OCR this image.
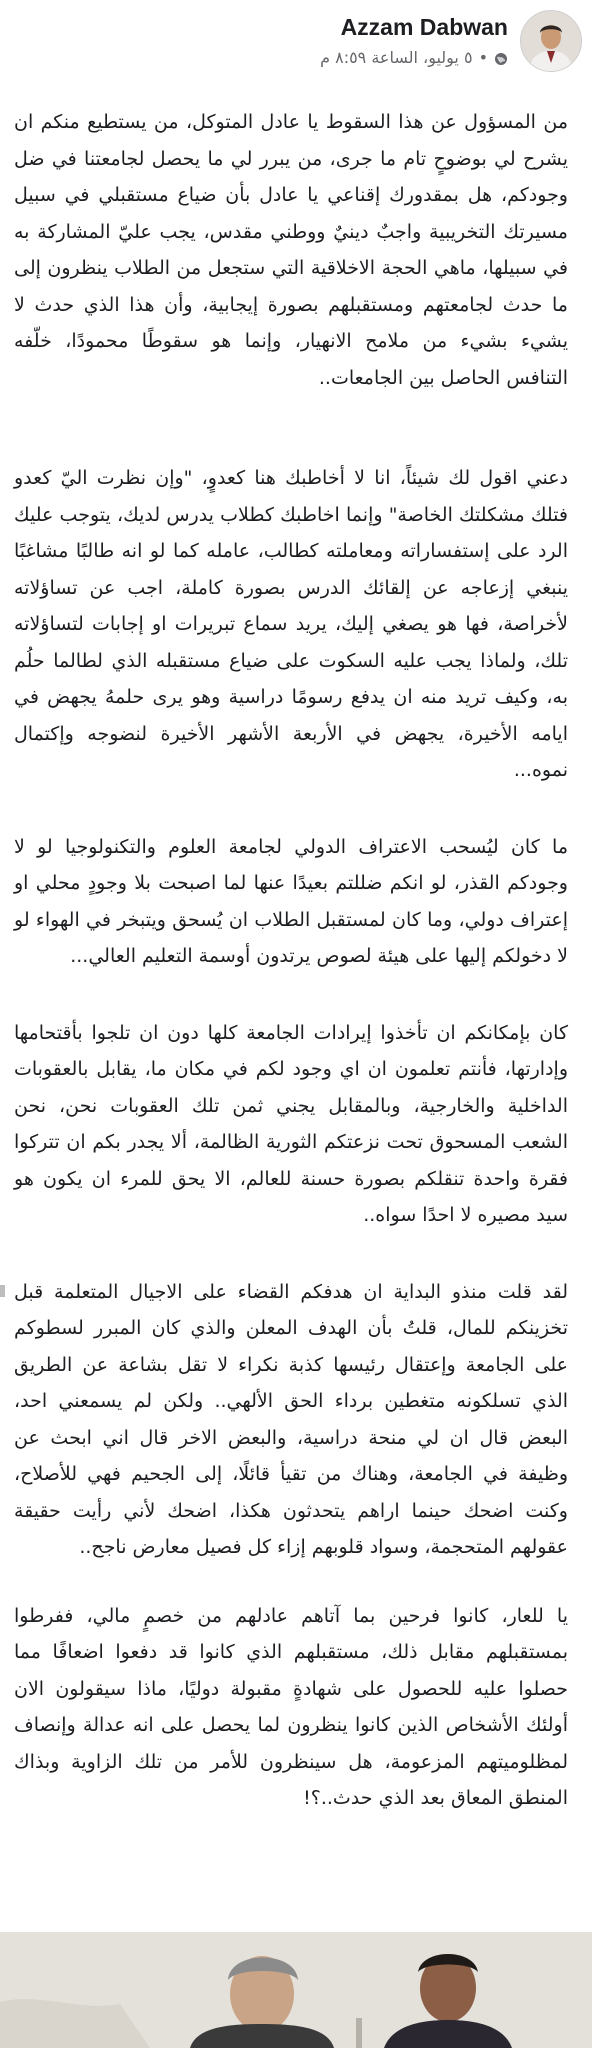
Azzam Dabwan
•
٥ يوليو، الساعة ٨:٥٩ م

من المسؤول عن هذا السقوط يا عادل المتوكل، من يستطيع منكم ان يشرح لي بوضوحٍ تام ما جرى، من يبرر لي ما يحصل لجامعتنا في ضل وجودكم، هل بمقدورك إقناعي يا عادل بأن ضياع مستقبلي في سبيل مسيرتك التخريبية واجبٌ دينيٌ ووطني مقدس، يجب عليّ المشاركة به في سبيلها، ماهي الحجة الاخلاقية التي ستجعل من الطلاب ينظرون إلى ما حدث لجامعتهم ومستقبلهم بصورة إيجابية، وأن هذا الذي حدث لا يشيء بشيء من ملامح الانهيار، وإنما هو سقوطًا محمودًا، خلّفه التنافس الحاصل بين الجامعات..

دعني اقول لك شيئاً، انا لا أخاطبك هنا كعدوٍ، "وإن نظرت اليّ كعدو فتلك مشكلتك الخاصة" وإنما اخاطبك كطلاب يدرس لديك، يتوجب عليك الرد على إستفساراته ومعاملته كطالب، عامله كما لو انه طالبًا مشاغبًا ينبغي إزعاجه عن إلقائك الدرس بصورة كاملة، اجب عن تساؤلاته لأخراصة، فها هو يصغي إليك، يريد سماع تبريرات او إجابات لتساؤلاته تلك، ولماذا يجب عليه السكوت على ضياع مستقبله الذي لطالما حلُم به، وكيف تريد منه ان يدفع رسومًا دراسية وهو يرى حلمهُ يجهض في ايامه الأخيرة، يجهض في الأربعة الأشهر الأخيرة لنضوجه وإكتمال نموه...

ما كان ليُسحب الاعتراف الدولي لجامعة العلوم والتكنولوجيا لو لا وجودكم القذر، لو انكم ضللتم بعيدًا عنها لما اصبحت بلا وجودٍ محلي او إعتراف دولي، وما كان لمستقبل الطلاب ان يُسحق ويتبخر في الهواء لو لا دخولكم إليها على هيئة لصوص يرتدون أوسمة التعليم العالي...

كان بإمكانكم ان تأخذوا إيرادات الجامعة كلها دون ان تلجوا بأقتحامها وإدارتها، فأنتم تعلمون ان اي وجود لكم في مكان ما، يقابل بالعقوبات الداخلية والخارجية، وبالمقابل يجني ثمن تلك العقوبات نحن، نحن الشعب المسحوق تحت نزعتكم الثورية الظالمة، ألا يجدر بكم ان تتركوا فقرة واحدة تنقلكم بصورة حسنة للعالم، الا يحق للمرء ان يكون هو سيد مصيره لا احدًا سواه..

لقد قلت منذو البداية ان هدفكم القضاء على الاجيال المتعلمة قبل تخزينكم للمال، قلتُ بأن الهدف المعلن والذي كان المبرر لسطوكم على الجامعة وإعتقال رئيسها كذبة نكراء لا تقل بشاعة عن الطريق الذي تسلكونه متغطين برداء الحق الألهي.. ولكن لم يسمعني احد، البعض قال ان لي منحة دراسية، والبعض الاخر قال اني ابحث عن وظيفة في الجامعة، وهناك من تقيأ قائلًا، إلى الجحيم فهي للأصلاح، وكنت اضحك حينما اراهم يتحدثون هكذا، اضحك لأني رأيت حقيقة عقولهم المتحجمة، وسواد قلوبهم إزاء كل فصيل معارض ناجح..

يا للعار، كانوا فرحين بما آتاهم عادلهم من خصمٍ مالي، ففرطوا بمستقبلهم مقابل ذلك، مستقبلهم الذي كانوا قد دفعوا اضعافًا مما حصلوا عليه للحصول على شهادةٍ مقبولة دوليًا، ماذا سيقولون الان أولئك الأشخاص الذين كانوا ينظرون لما يحصل على انه عدالة وإنصاف لمظلوميتهم المزعومة، هل سينظرون للأمر من تلك الزاوية وبذاك المنطق المعاق بعد الذي حدث..؟!
